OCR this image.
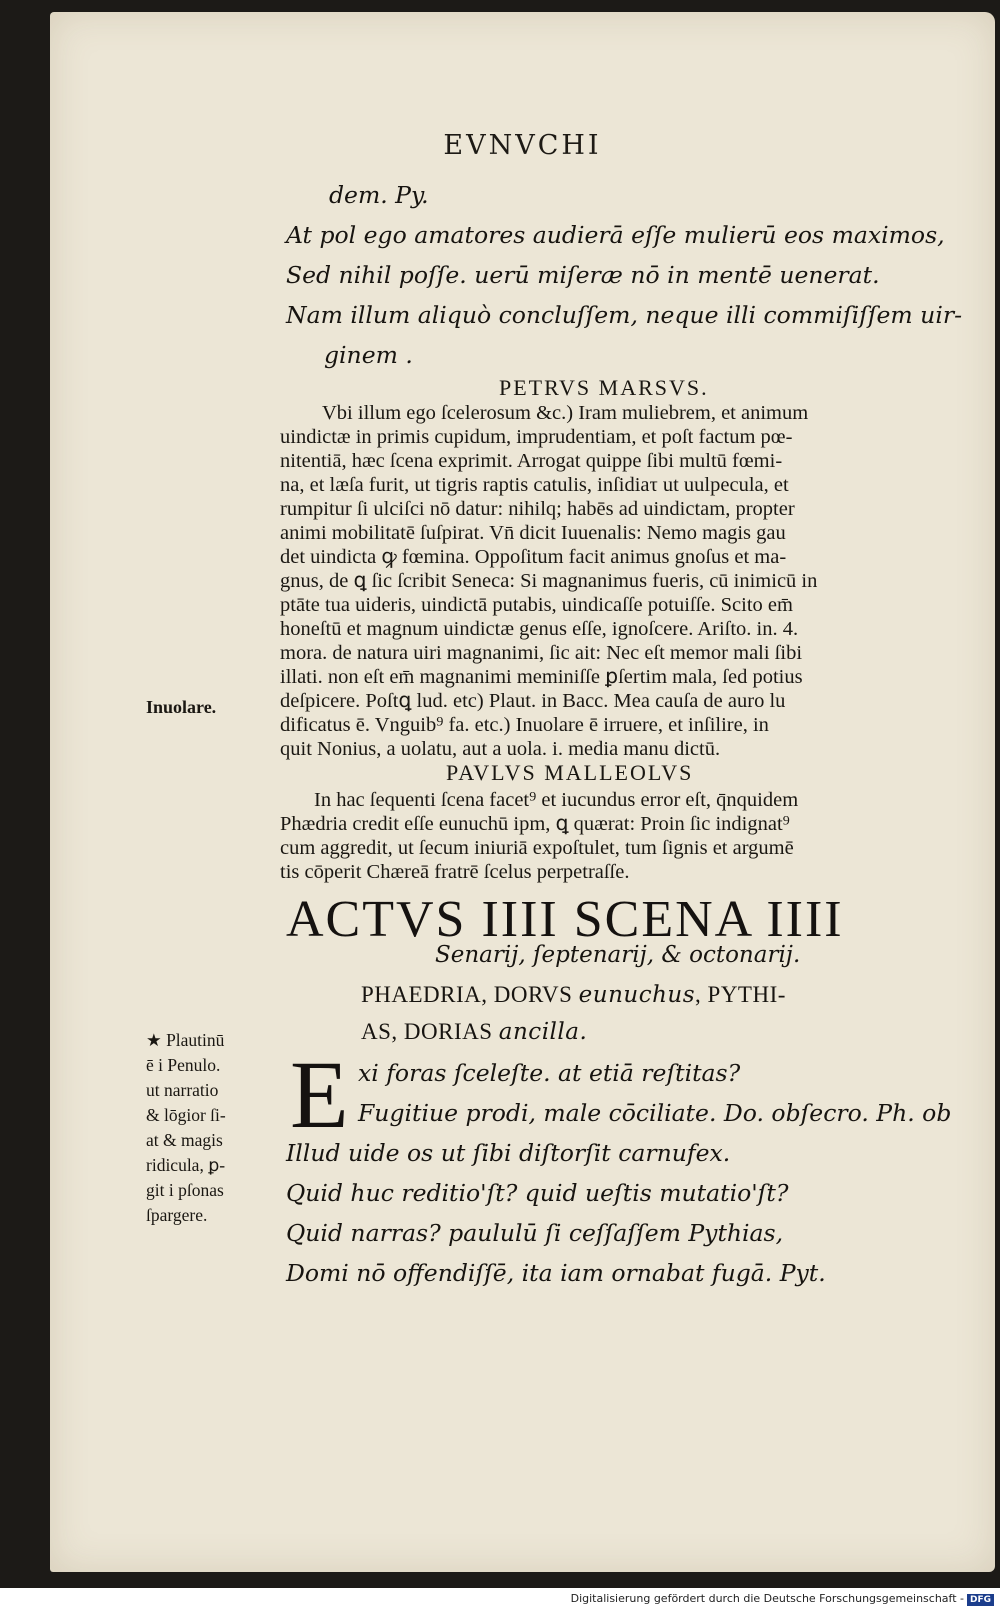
EVNVCHI
dem. Py.
At pol ego amatores audierā eſſe mulierū eos maximos,
Sed nihil poſſe. uerū miſeræ nō in mentē uenerat.
Nam illum aliquò concluſſem, neque illi commiſiſſem uir-
ginem .
PETRVS MARSVS.
Vbi illum ego ſcelerosum &c.) Iram muliebrem, et animum
uindictæ in primis cupidum, imprudentiam, et poſt factum pœ-
nitentiā, hæc ſcena exprimit. Arrogat quippe ſibi multū fœmi-
na, et læſa furit, ut tigris raptis catulis, inſidiaτ ut uulpecula, et
rumpitur ſi ulciſci nō datur: nihilq; habēs ad uindictam, propter
animi mobilitatē ſuſpirat. Vn̄ dicit Iuuenalis: Nemo magis gau
det uindicta ꝙ fœmina. Oppoſitum facit animus gnoſus et ma-
gnus, de ꝗ ſic ſcribit Seneca: Si magnanimus fueris, cū inimicū in
ptāte tua uideris, uindictā putabis, uindicaſſe potuiſſe. Scito em̄
honeſtū et magnum uindictæ genus eſſe, ignoſcere. Ariſto. in. 4.
mora. de natura uiri magnanimi, ſic ait: Nec eſt memor mali ſibi
illati. non eſt em̄ magnanimi meminiſſe ꝑſertim mala, ſed potius
deſpicere. Poſtꝗ lud. etc) Plaut. in Bacc. Mea cauſa de auro lu
dificatus ē. Vnguib⁹ fa. etc.) Inuolare ē irruere, et inſilire, in
quit Nonius, a uolatu, aut a uola. i. media manu dictū.
PAVLVS MALLEOLVS
In hac ſequenti ſcena facet⁹ et iucundus error eſt, q̄nquidem
Phædria credit eſſe eunuchū ipm, ꝗ quærat: Proin ſic indignat⁹
cum aggredit, ut ſecum iniuriā expoſtulet, tum ſignis et argumē
tis cōperit Chæreā fratrē ſcelus perpetraſſe.
ACTVS IIII SCENA IIII
Senarij, ſeptenarij, & octonarij.
PHAEDRIA, DORVS eunuchus, PYTHI-
AS, DORIAS ancilla.
E xi foras ſceleſte. at etiā reſtitas?
Fugitiue prodi, male cōciliate. Do. obſecro. Ph. ob
Illud uide os ut ſibi diſtorſit carnufex.
Quid huc reditio'ſt? quid ueſtis mutatio'ſt?
Quid narras? paululū ſi ceſſaſſem Pythias,
Domi nō offendiſſē, ita iam ornabat fugā. Pyt.
Inuolare.
★ Plautinū
ē i Penulo.
ut narratio
& lōgior ſi-
at & magis
ridicula, ꝑ-
git i pſonas
ſpargere.
Digitalisierung gefördert durch die Deutsche Forschungsgemeinschaft - DFG
